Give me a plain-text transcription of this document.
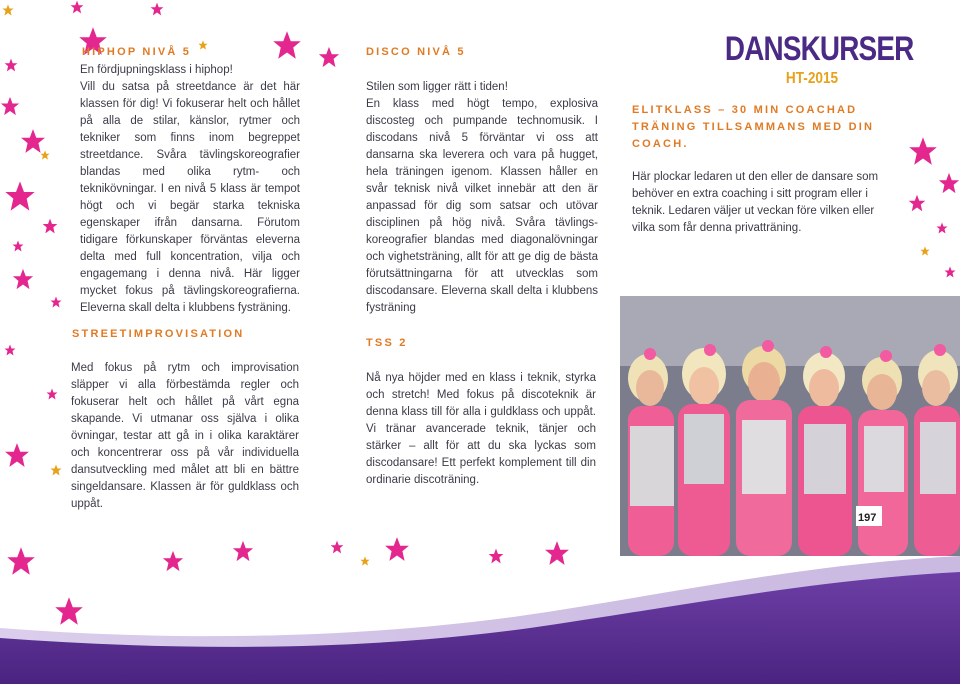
HIPHOP NIVÅ 5

En fördjupningsklass i hiphop!

Vill du satsa på streetdance är det här klassen för dig! Vi fokuserar helt och hållet på alla de stilar, känslor, rytmer och tekniker som finns inom begreppet streetdance. Svåra tävlingskoreografier blandas med olika rytm- och teknikövningar. I en nivå 5 klass är tempot högt och vi begär starka tekniska egenskaper ifrån dansarna. Förutom tidigare förkunskaper förväntas eleverna delta med full koncentration, vilja och engagemang i denna nivå. Här ligger mycket fokus på tävlingskoreografierna. Eleverna skall delta i klubbens fysträning.

STREETIMPROVISATION

Med fokus på rytm och improvisation släpper vi alla förbestämda regler och fokuserar helt och hållet på vårt egna skapande. Vi utmanar oss själva i olika övningar, testar att gå in i olika karaktärer och koncentrerar oss på vår individuella dansutveckling med målet att bli en bättre singeldansare. Klassen är för guldklass och uppåt.

DISCO NIVÅ 5

Stilen som ligger rätt i tiden!

En klass med högt tempo, explosiva discosteg och pumpande technomusik. I discodans nivå 5 förväntar vi oss att dansarna ska leverera och vara på hugget, hela träningen igenom. Klassen håller en svår teknisk nivå vilket innebär att den är anpassad för dig som satsar och utövar disciplinen på hög nivå. Svåra tävlings-koreografier blandas med diagonalövningar och vighetsträning, allt för att ge dig de bästa förutsättningarna för att utvecklas som discodansare. Eleverna skall delta i klubbens fysträning

TSS 2

Nå nya höjder med en klass i teknik, styrka och stretch! Med fokus på discoteknik är denna klass till för alla i guldklass och uppåt. Vi tränar avancerade teknik, tänjer och stärker – allt för att du ska lyckas som discodansare! Ett perfekt komplement till din ordinarie discoträning.

DANSKURSER
HT-2015
ELITKLASS – 30 MIN COACHAD TRÄNING TILLSAMMANS MED DIN COACH.

Här plockar ledaren ut den eller de dansare som behöver en extra coaching i sitt program eller i teknik. Ledaren väljer ut veckan före vilken eller vilka som får denna privatträning.

197
